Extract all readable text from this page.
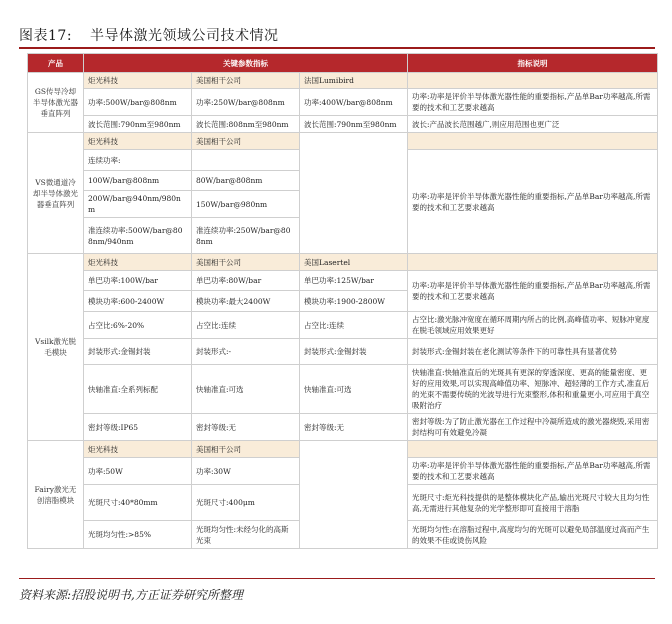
图表17: 半导体激光领域公司技术情况
产品	关键参数指标			指标说明
GS传导冷却半导体激光器垂直阵列	炬光科技	美国相干公司	法国Lumibird	
	功率:500W/bar@808nm	功率:250W/bar@808nm	功率:400W/bar@808nm	功率:功率是评价半导体激光器性能的重要指标,产品单Bar功率越高,所需要的技术和工艺要求越高
	波长范围:790nm至980nm	波长范围:808nm至980nm	波长范围:790nm至980nm	波长:产品波长范围越广,则应用范围也更广泛
VS微通道冷却半导体激光器垂直阵列	炬光科技	美国相干公司		
	连续功率:			功率:功率是评价半导体激光器性能的重要指标,产品单Bar功率越高,所需要的技术和工艺要求越高
	100W/bar@808nm	80W/bar@808nm		
	200W/bar@940nm/980nm	150W/bar@980nm		
	准连续功率:500W/bar@808nm/940nm	准连续功率:250W/bar@808nm		
Vsilk激光脱毛模块	炬光科技	美国相干公司	美国Lasertel	
	单巴功率:100W/bar	单巴功率:80W/bar	单巴功率:125W/bar	功率:功率是评价半导体激光器性能的重要指标,产品单Bar功率越高,所需要的技术和工艺要求越高
	模块功率:600-2400W	模块功率:最大2400W	模块功率:1900-2800W	
	占空比:6%-20%	占空比:连续	占空比:连续	占空比:激光脉冲宽度在循环周期内所占的比例,高峰值功率、短脉冲宽度在脱毛领域应用效果更好
	封装形式:金锡封装	封装形式:-	封装形式:金锡封装	封装形式:金锡封装在老化测试等条件下的可靠性具有显著优势
	快轴准直:全系列标配	快轴准直:可选	快轴准直:可选	快轴准直:快轴准直后的光斑具有更深的穿透深度、更高的能量密度、更好的应用效果,可以实现高峰值功率、短脉冲、超轻薄的工作方式,准直后的光束不需要传统的光波导进行光束整形,体积和重量更小,可应用于真空吸附治疗
	密封等级:IP65	密封等级:无	密封等级:无	密封等级:为了防止激光器在工作过程中冷凝所造成的激光器烧毁,采用密封结构可有效避免冷凝
Fairy激光无创溶脂模块	炬光科技	美国相干公司		
	功率:50W	功率:30W		功率:功率是评价半导体激光器性能的重要指标,产品单Bar功率越高,所需要的技术和工艺要求越高
	光斑尺寸:40*80mm	光斑尺寸:400μm		光斑尺寸:炬光科技提供的是整体模块化产品,输出光斑尺寸较大且均匀性高,无需进行其他复杂的光学整形即可直接用于溶脂
	光斑均匀性:>85%	光斑均匀性:未经匀化的高斯光束		光斑均匀性:在溶脂过程中,高度均匀的光斑可以避免局部温度过高而产生的效果不佳或烫伤风险
资料来源:招股说明书,方正证券研究所整理
